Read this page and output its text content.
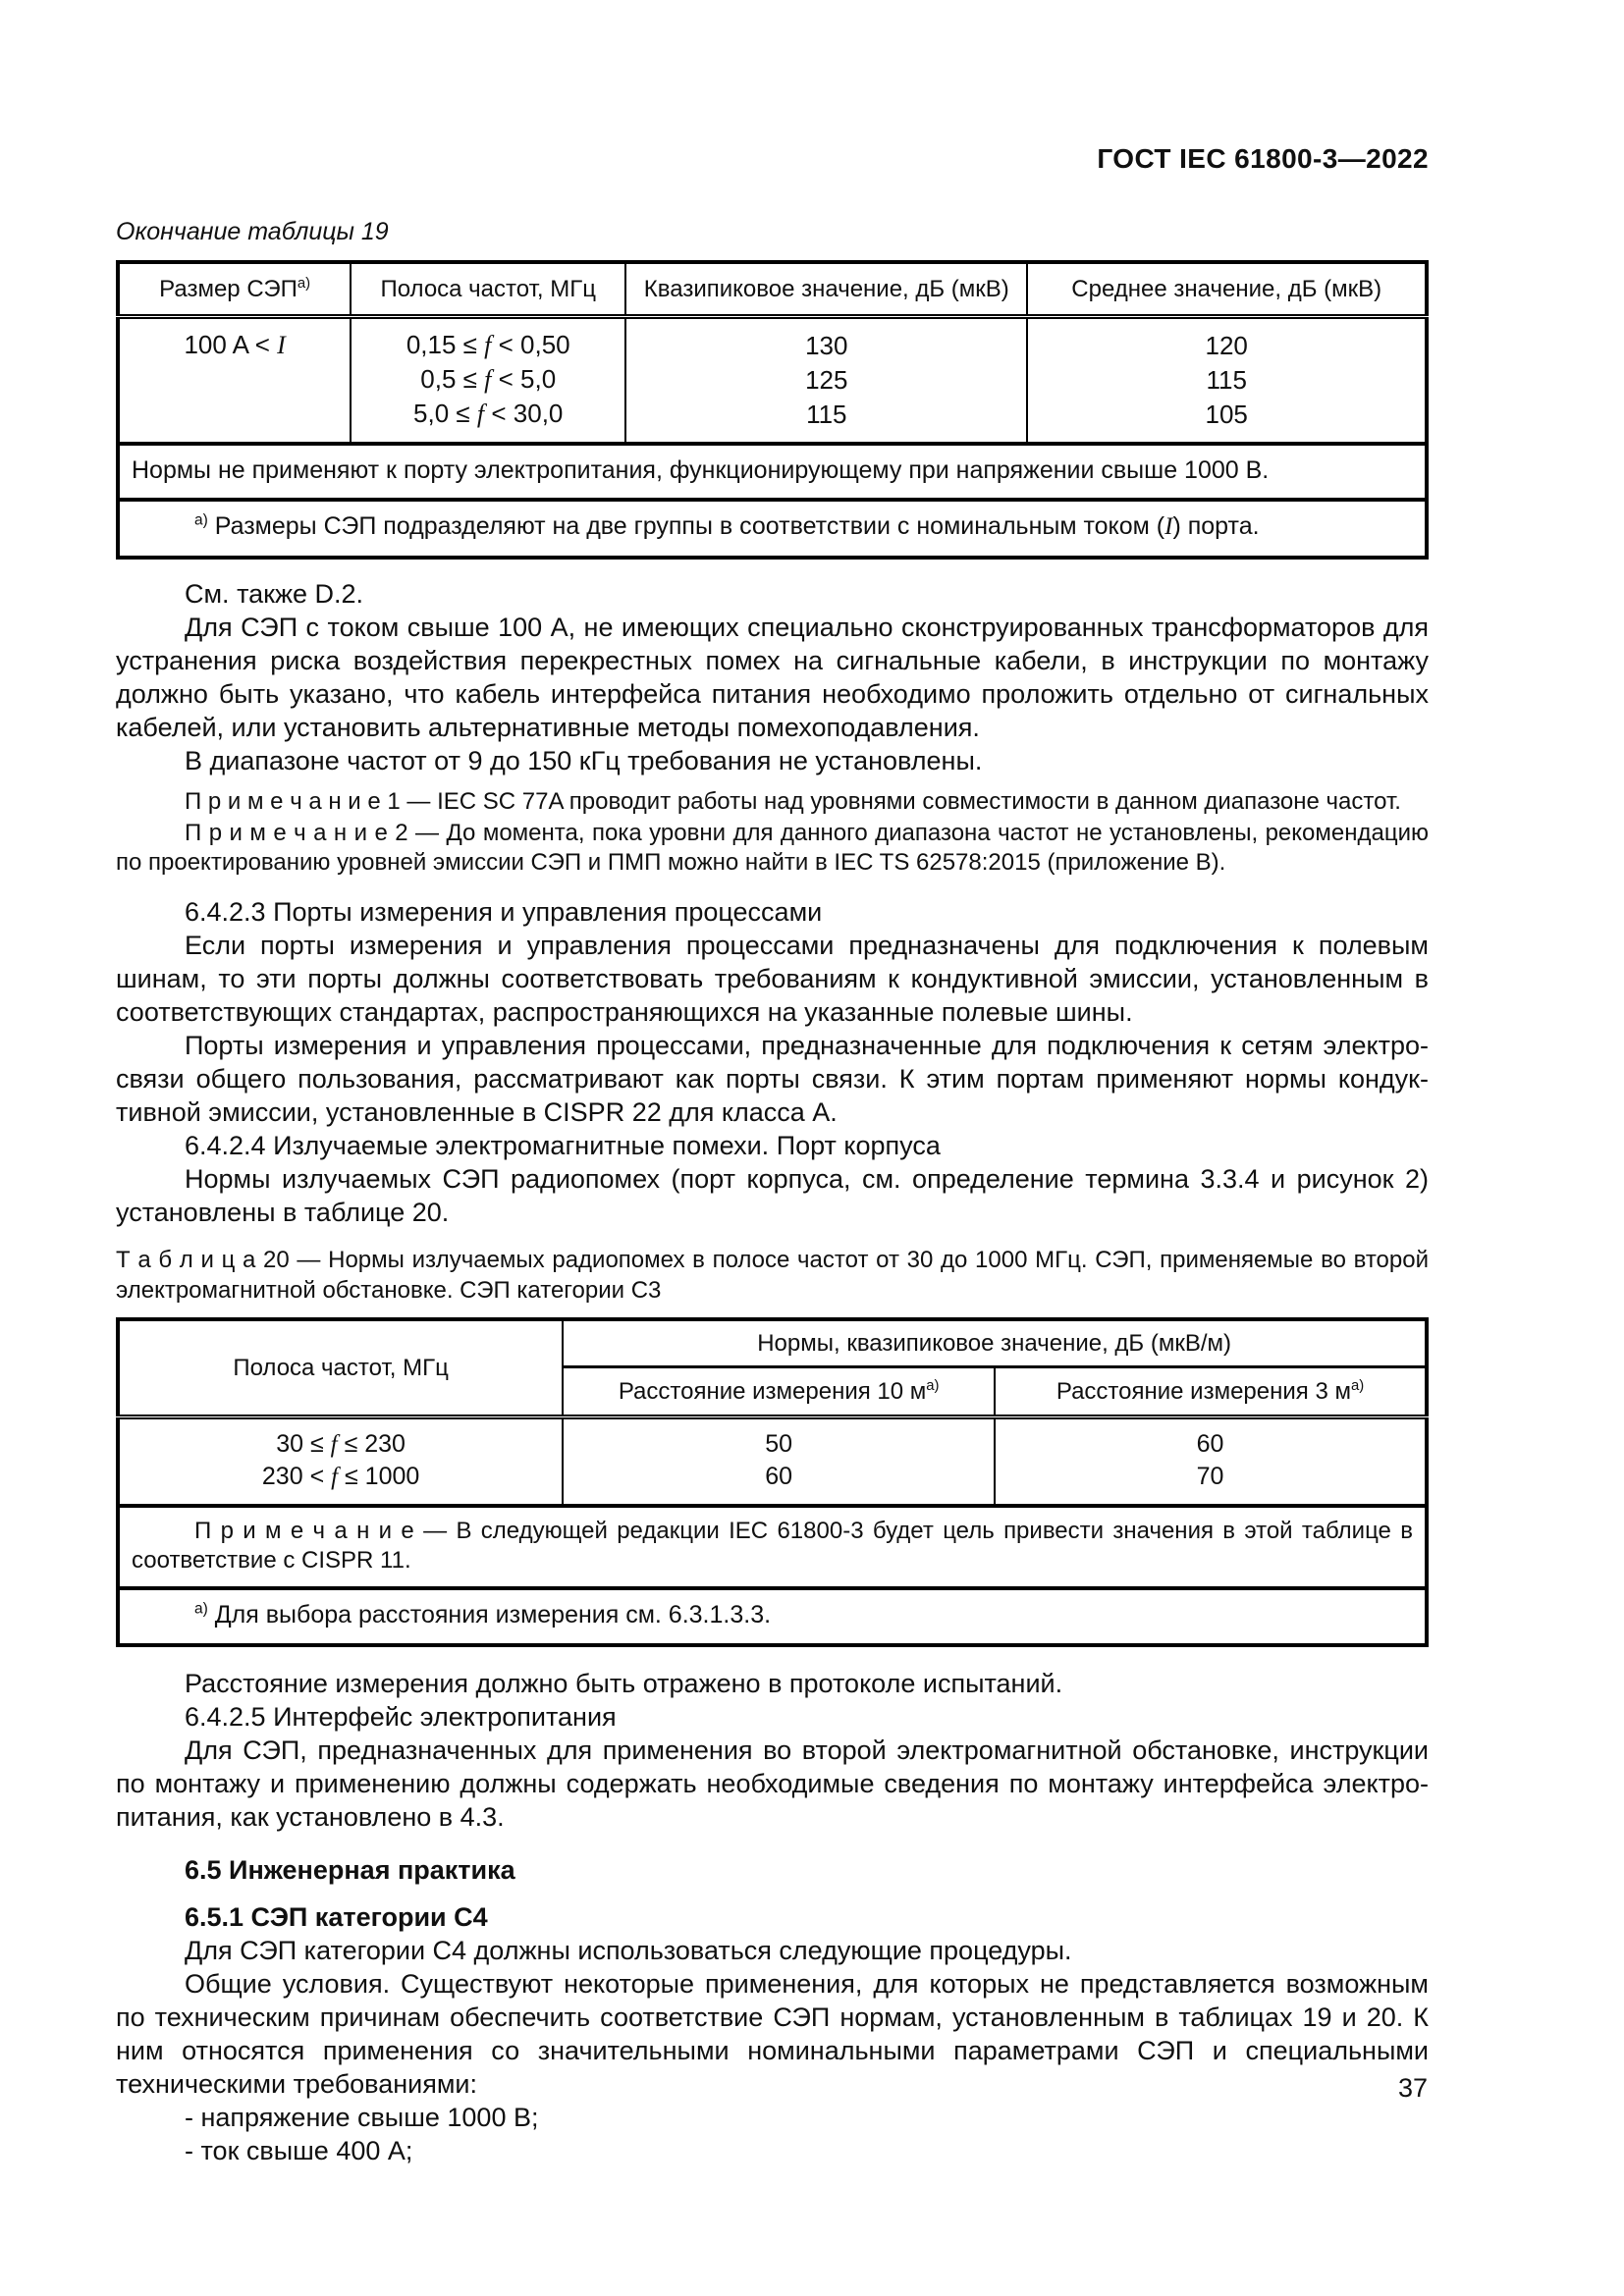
ГОСТ IEC 61800-3—2022
Окончание таблицы 19
Размер $СЭП^{а)}$	Полоса частот, МГц	Квазипиковое значение, дБ (мкВ)	Среднее значение, дБ (мкВ)
100 A < I	0,15 ≤ f < 0,50	130	120
	0,5 ≤ f < 5,0	125	115
	5,0 ≤ f < 30,0	115	105
Нормы не применяют к порту электропитания, функционирующему при напряжении свыше 1000 В.			

$^{а)}$ Размеры СЭП подразделяют на две группы в соответствии с номинальным током (I) порта.			

См. также D.2.

Для СЭП с током свыше 100 А, не имеющих специально сконструированных трансформаторов для устранения риска воздействия перекрестных помех на сигнальные кабели, в инструкции по монтажу должно быть указано, что кабель интерфейса питания необходимо проложить отдельно от сигнальных кабелей, или установить альтернативные методы помехоподавления.

В диапазоне частот от 9 до 150 кГц требования не установлены.

П р и м е ч а н и е 1 — IEC SC 77A проводит работы над уровнями совместимости в данном диапазоне частот.

П р и м е ч а н и е 2 — До момента, пока уровни для данного диапазона частот не установлены, рекомендацию по проектированию уровней эмиссии СЭП и ПМП можно найти в IEC TS 62578:2015 (приложение B).

6.4.2.3 Порты измерения и управления процессами

Если порты измерения и управления процессами предназначены для подключения к полевым шинам, то эти порты должны соответствовать требованиям к кондуктивной эмиссии, установленным в соответствующих стандартах, распространяющихся на указанные полевые шины.

Порты измерения и управления процессами, предназначенные для подключения к сетям электросвязи общего пользования, рассматривают как порты связи. К этим портам применяют нормы кондуктивной эмиссии, установленные в CISPR 22 для класса А.

6.4.2.4 Излучаемые электромагнитные помехи. Порт корпуса

Нормы излучаемых СЭП радиопомех (порт корпуса, см. определение термина 3.3.4 и рисунок 2) установлены в таблице 20.

Т а б л и ц а 20 — Нормы излучаемых радиопомех в полосе частот от 30 до 1000 МГц. СЭП, применяемые во второй электромагнитной обстановке. СЭП категории C3

Полоса частот, МГц	Нормы, квазипиковое значение, дБ (мкВ/м)	
	Расстояние измерения 10 $м^{а)}$	Расстояние измерения 3 $м^{а)}$
30 ≤ f ≤ 230	50	60
230 < f ≤ 1000	60	70

П р и м е ч а н и е — В следующей редакции IEC 61800-3 будет цель привести значения в этой таблице в соответствие с CISPR 11.		

$^{а)}$ Для выбора расстояния измерения см. 6.3.1.3.3.		

Расстояние измерения должно быть отражено в протоколе испытаний.

6.4.2.5 Интерфейс электропитания

Для СЭП, предназначенных для применения во второй электромагнитной обстановке, инструкции по монтажу и применению должны содержать необходимые сведения по монтажу интерфейса электропитания, как установлено в 4.3.

6.5 Инженерная практика

6.5.1 СЭП категории C4

Для СЭП категории C4 должны использоваться следующие процедуры.

Общие условия. Существуют некоторые применения, для которых не представляется возможным по техническим причинам обеспечить соответствие СЭП нормам, установленным в таблицах 19 и 20. К ним относятся применения со значительными номинальными параметрами СЭП и специальными техническими требованиями:

- напряжение свыше 1000 В;

- ток свыше 400 А;

37
